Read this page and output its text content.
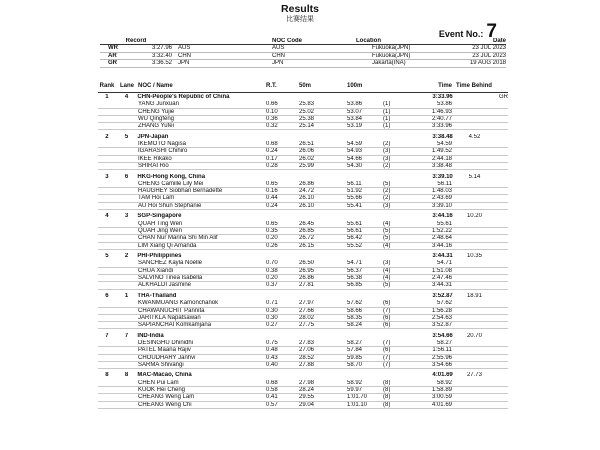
Results
比赛结果
Event No.: 7
Record	NOC Code	Location	Date
WR	3:27.96	AUS	AUS	Fukuoka(JPN)	23 JUL 2023
AR	3:32.40	CHN	CHN	Fukuoka(JPN)	23 JUL 2023
GR	3:36.52	JPN	JPN	Jakarta(INA)	19 AUG 2018
Rank Lane NOC / Name	R.T.	50m	100m	Time Time Behind
1	4	CHN-People's Republic of China	3:33.96	GR
YANG Junxuan	0.66	25.83	53.86	(1)	53.86
CHENG Yujie	0.10	25.02	53.07	(1)	1:46.93
WU Qingfeng	0.36	25.38	53.84	(1)	2:40.77
ZHANG Yufei	0.32	25.14	53.19	(1)	3:33.96
2	5	JPN-Japan	3:38.48	4.52
IKEMOTO Nagisa	0.68	26.51	54.59	(2)	54.59
IGARASHI Chihiro	0.24	26.06	54.93	(3)	1:49.52
IKEE Rikako	0.17	26.02	54.66	(3)	2:44.18
SHIRAI Rio	0.28	25.99	54.30	(2)	3:38.48
3	6	HKG-Hong Kong, China	3:39.10	5.14
CHENG Camille Lily Mei	0.65	26.86	56.11	(5)	56.11
HAUGHEY Siobhan Bernadette	0.16	24.72	51.92	(2)	1:48.03
TAM Hoi Lam	0.44	26.10	55.66	(2)	2:43.69
AU Hoi Shun Stephanie	0.24	26.10	55.41	(3)	3:39.10
4	3	SGP-Singapore	3:44.16	10.20
QUAH Ting Wen	0.65	26.45	55.61	(4)	55.61
QUAH Jing Wen	0.35	26.85	56.61	(5)	1:52.22
CHAN Nur Marina Shi Min Alif	0.20	26.72	56.42	(5)	2:48.64
LIM Xiang Qi Amanda	0.26	26.15	55.52	(4)	3:44.16
5	2	PHI-Philippines	3:44.31	10.35
SANCHEZ Kayla Noelle	0.70	26.50	54.71	(3)	54.71
CHUA Xiandi	0.38	26.95	56.37	(4)	1:51.08
SALVINO Tinea Isabella	0.20	26.86	56.38	(4)	2:47.46
ALKHALDI Jasmine	0.37	27.81	56.85	(5)	3:44.31
6	1	THA-Thailand	3:52.87	18.91
KWANMUANG Kamonchanok	0.71	27.97	57.62	(6)	57.62
CHAWANUCHIT Pannita	0.30	27.66	58.66	(7)	1:56.28
JARITKLA Napatsawan	0.30	28.02	58.35	(6)	2:54.63
SAPIANCHAI Komkamjana	0.27	27.75	58.24	(6)	3:52.87
7	7	IND-India	3:54.66	20.70
DESINGHU Dhinidhi	0.75	27.83	58.27	(7)	58.27
PATEL Maana Rajiv	0.48	27.06	57.84	(6)	1:56.11
CHOUDHARY Janhvi	0.43	28.52	59.85	(7)	2:55.96
SARMA Shivangi	0.40	27.88	58.70	(7)	3:54.66
8	8	MAC-Macao, China	4:01.69	27.73
CHEN Pui Lam	0.68	27.98	58.92	(8)	58.92
KUOK Hei Cheng	0.58	28.24	59.97	(8)	1:58.89
CHEANG Weng Lam	0.41	29.55	1:01.70	(8)	3:00.59
CHEANG Weng Chi	0.57	29.04	1:01.10	(8)	4:01.69
